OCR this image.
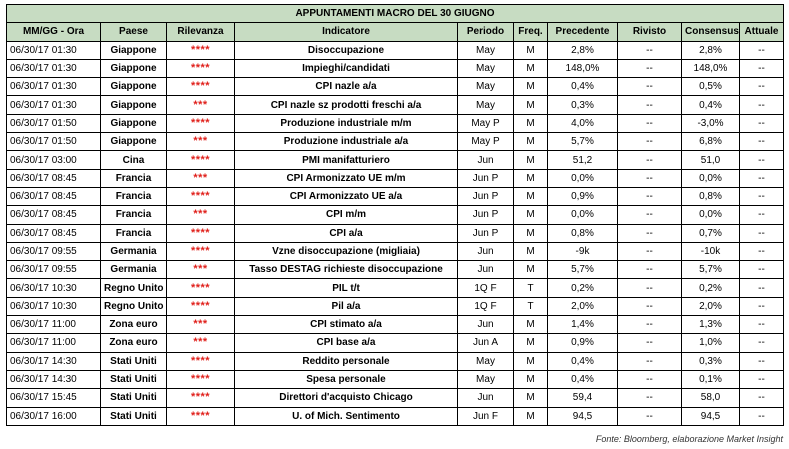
APPUNTAMENTI MACRO DEL 30 GIUGNO									
MM/GG - Ora	Paese	Rilevanza	Indicatore	Periodo	Freq.	Precedente	Rivisto	Consensus	Attuale
06/30/17 01:30	Giappone	****	Disoccupazione	May	M	2,8%	--	2,8%	--
06/30/17 01:30	Giappone	****	Impieghi/candidati	May	M	148,0%	--	148,0%	--
06/30/17 01:30	Giappone	****	CPI nazle a/a	May	M	0,4%	--	0,5%	--
06/30/17 01:30	Giappone	***	CPI nazle sz prodotti freschi a/a	May	M	0,3%	--	0,4%	--
06/30/17 01:50	Giappone	****	Produzione industriale m/m	May P	M	4,0%	--	-3,0%	--
06/30/17 01:50	Giappone	***	Produzione industriale a/a	May P	M	5,7%	--	6,8%	--
06/30/17 03:00	Cina	****	PMI manifatturiero	Jun	M	51,2	--	51,0	--
06/30/17 08:45	Francia	***	CPI Armonizzato UE m/m	Jun P	M	0,0%	--	0,0%	--
06/30/17 08:45	Francia	****	CPI Armonizzato UE a/a	Jun P	M	0,9%	--	0,8%	--
06/30/17 08:45	Francia	***	CPI m/m	Jun P	M	0,0%	--	0,0%	--
06/30/17 08:45	Francia	****	CPI a/a	Jun P	M	0,8%	--	0,7%	--
06/30/17 09:55	Germania	****	Vzne disoccupazione (migliaia)	Jun	M	-9k	--	-10k	--
06/30/17 09:55	Germania	***	Tasso DESTAG richieste disoccupazione	Jun	M	5,7%	--	5,7%	--
06/30/17 10:30	Regno Unito	****	PIL t/t	1Q F	T	0,2%	--	0,2%	--
06/30/17 10:30	Regno Unito	****	Pil a/a	1Q F	T	2,0%	--	2,0%	--
06/30/17 11:00	Zona euro	***	CPI stimato a/a	Jun	M	1,4%	--	1,3%	--
06/30/17 11:00	Zona euro	***	CPI base a/a	Jun A	M	0,9%	--	1,0%	--
06/30/17 14:30	Stati Uniti	****	Reddito personale	May	M	0,4%	--	0,3%	--
06/30/17 14:30	Stati Uniti	****	Spesa personale	May	M	0,4%	--	0,1%	--
06/30/17 15:45	Stati Uniti	****	Direttori d'acquisto Chicago	Jun	M	59,4	--	58,0	--
06/30/17 16:00	Stati Uniti	****	U. of Mich. Sentimento	Jun F	M	94,5	--	94,5	--
Fonte: Bloomberg, elaborazione Market Insight
